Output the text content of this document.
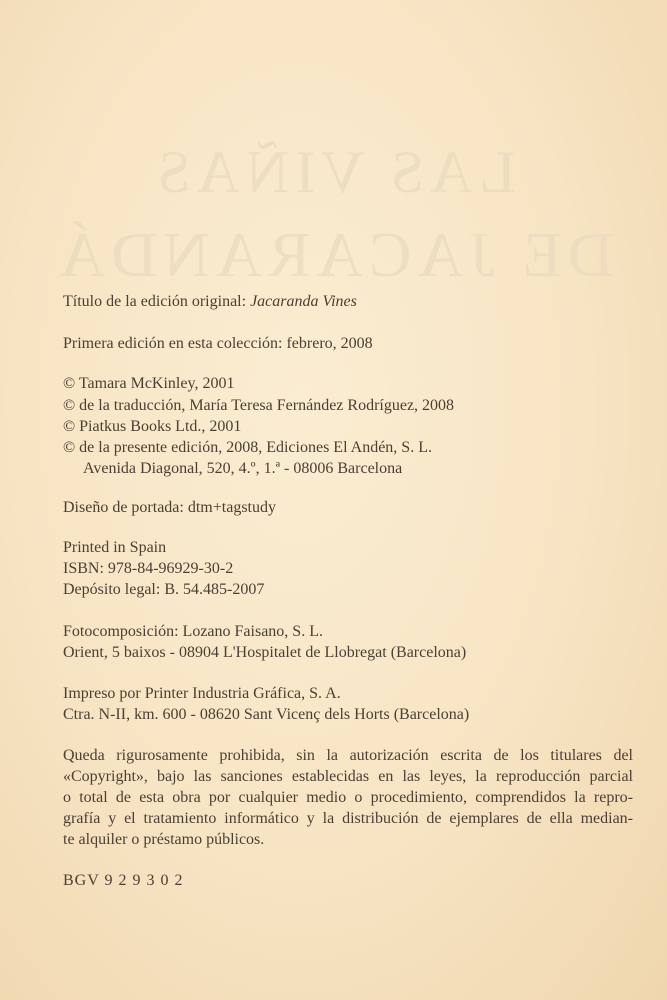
LAS VIÑAS
DE JACARANDÁ
Título de la edición original: Jacaranda Vines
Primera edición en esta colección: febrero, 2008
© Tamara McKinley, 2001
© de la traducción, María Teresa Fernández Rodríguez, 2008
© Piatkus Books Ltd., 2001
© de la presente edición, 2008, Ediciones El Andén, S. L.
Avenida Diagonal, 520, 4.º, 1.ª - 08006 Barcelona
Diseño de portada: dtm+tagstudy
Printed in Spain
ISBN: 978-84-96929-30-2
Depósito legal: B. 54.485-2007
Fotocomposición: Lozano Faisano, S. L.
Orient, 5 baixos - 08904 L'Hospitalet de Llobregat (Barcelona)
Impreso por Printer Industria Gráfica, S. A.
Ctra. N-II, km. 600 - 08620 Sant Vicenç dels Horts (Barcelona)
Queda rigurosamente prohibida, sin la autorización escrita de los titulares del
«Copyright», bajo las sanciones establecidas en las leyes, la reproducción parcial
o total de esta obra por cualquier medio o procedimiento, comprendidos la repro-
grafía y el tratamiento informático y la distribución de ejemplares de ella median-
te alquiler o préstamo públicos.
BGV 9 2 9 3 0 2
